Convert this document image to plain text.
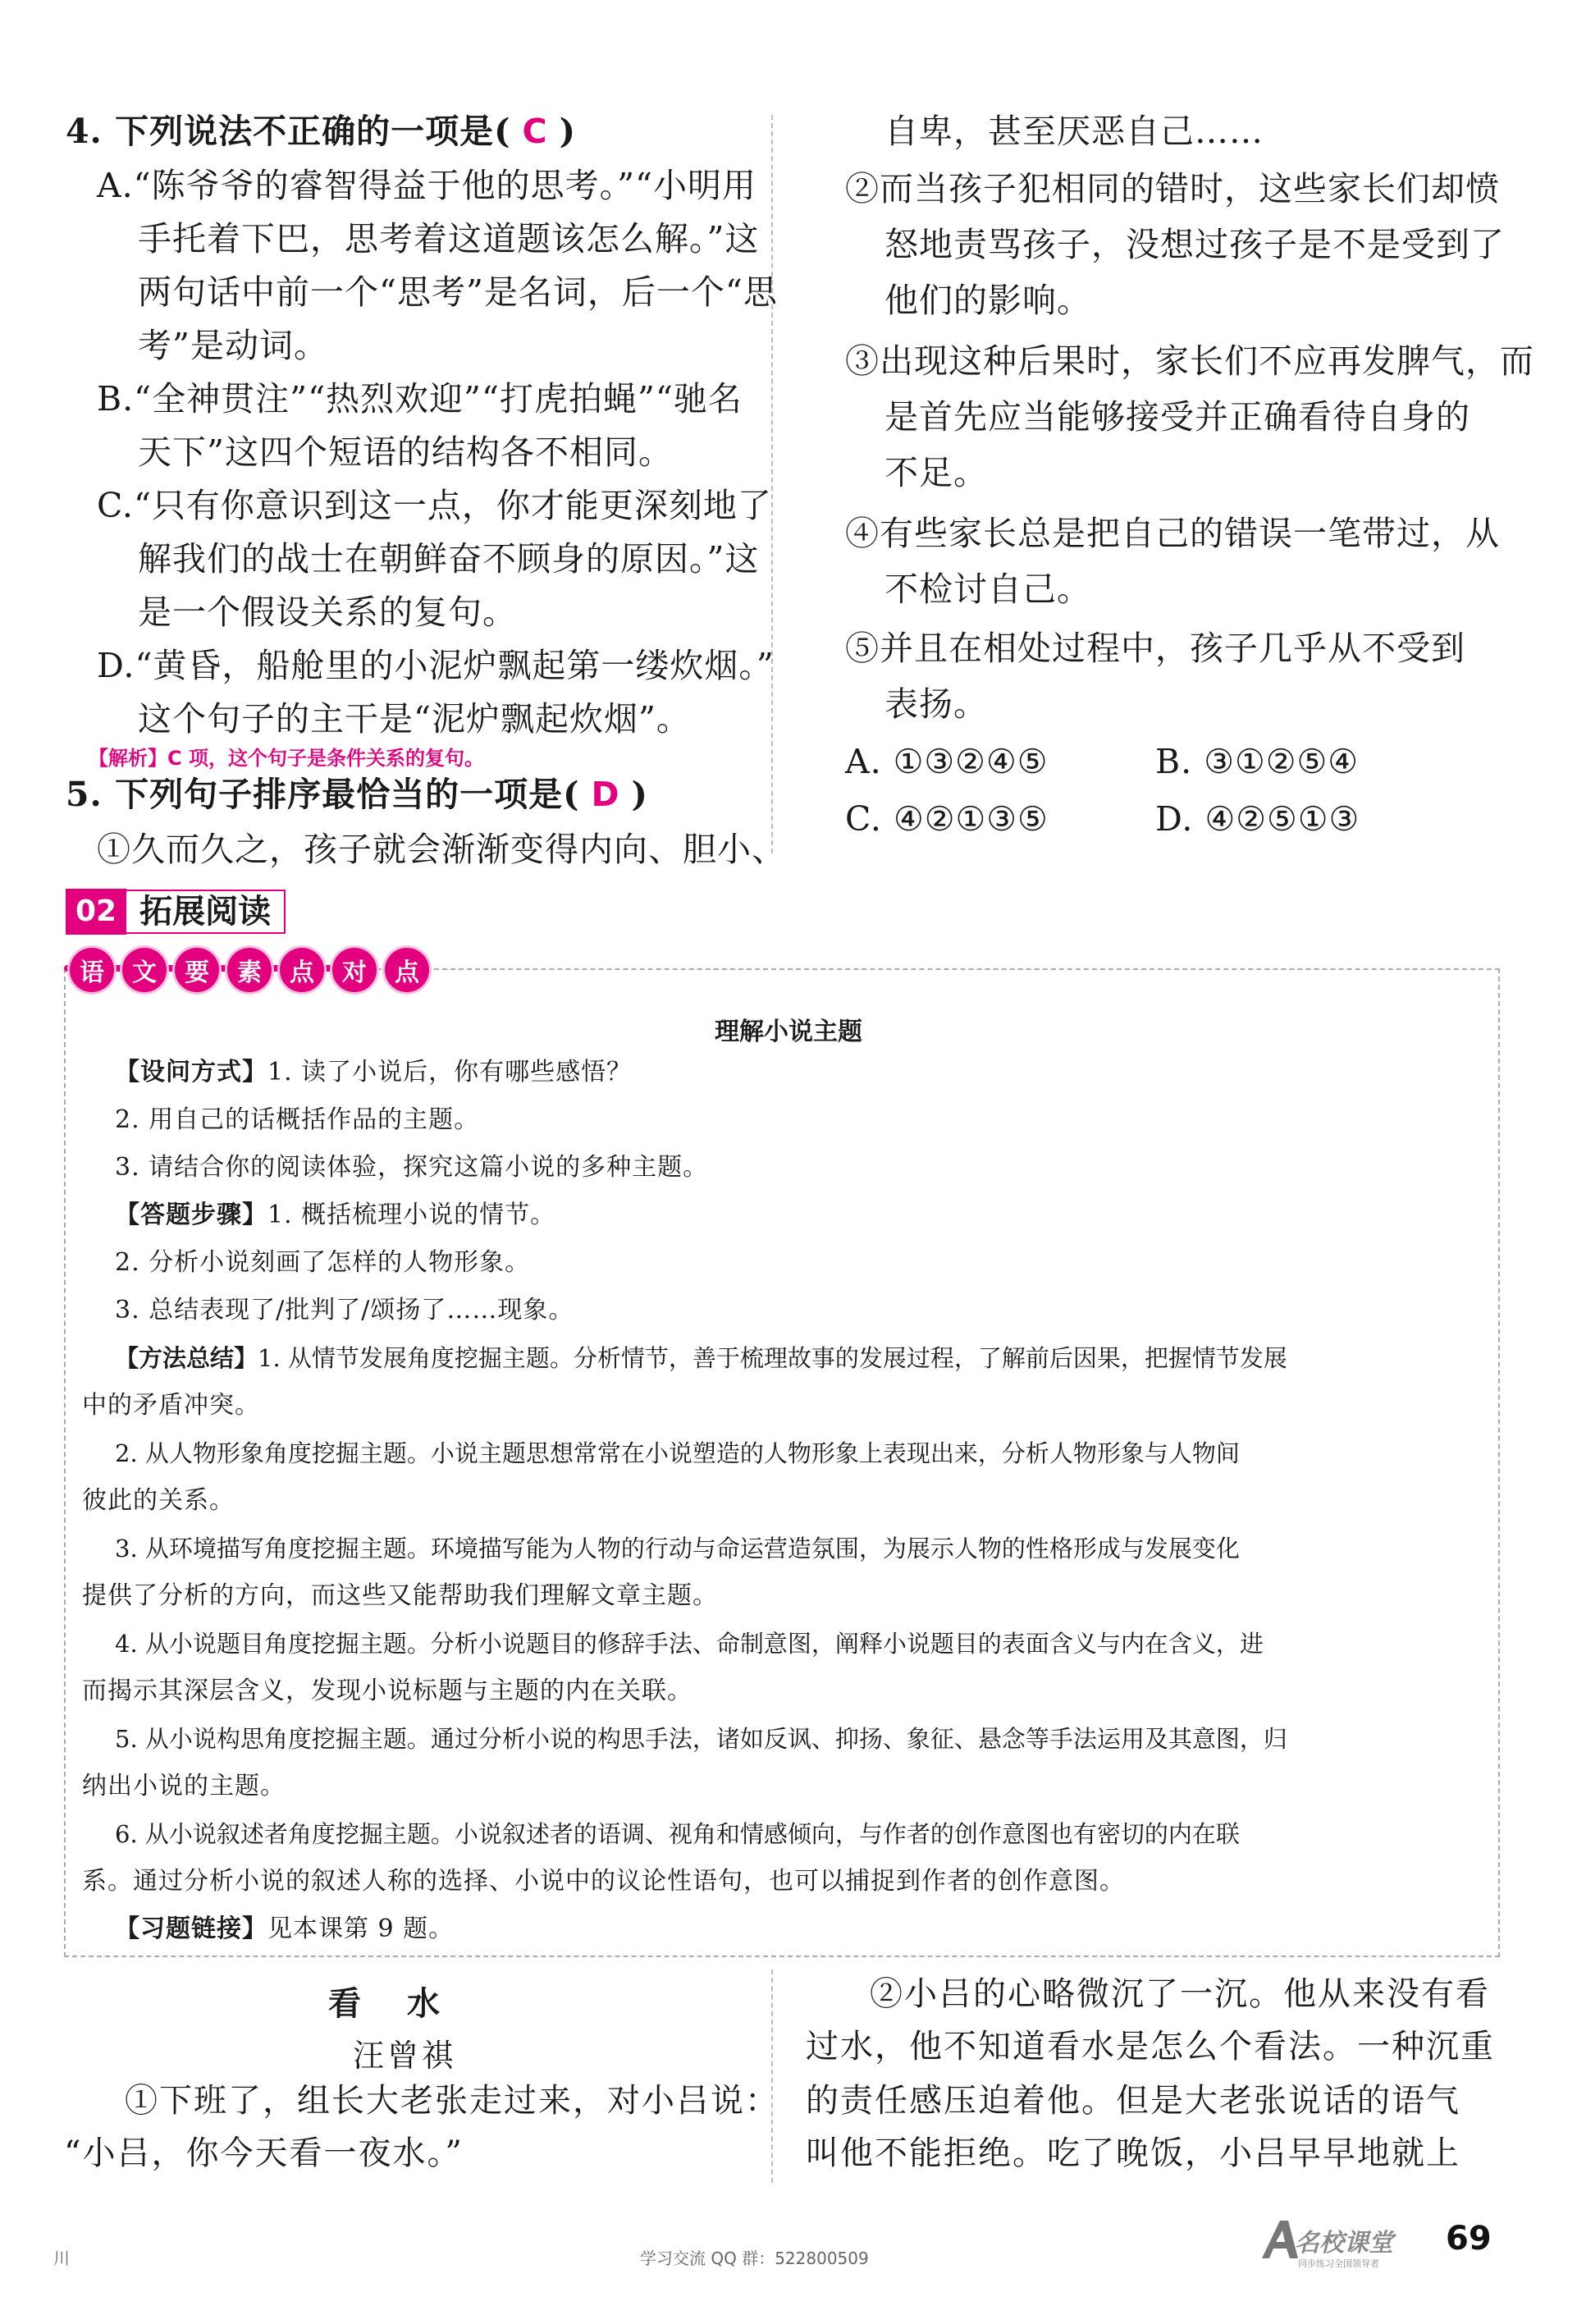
4. 下列说法不正确的一项是( C )
A.“陈爷爷的睿智得益于他的思考。”“小明用
手托着下巴，思考着这道题该怎么解。”这
两句话中前一个“思考”是名词，后一个“思
考”是动词。
B.“全神贯注”“热烈欢迎”“打虎拍蝇”“驰名
天下”这四个短语的结构各不相同。
C.“只有你意识到这一点，你才能更深刻地了
解我们的战士在朝鲜奋不顾身的原因。”这
是一个假设关系的复句。
D.“黄昏，船舱里的小泥炉飘起第一缕炊烟。”
这个句子的主干是“泥炉飘起炊烟”。
【解析】C 项，这个句子是条件关系的复句。
5. 下列句子排序最恰当的一项是( D )
①久而久之，孩子就会渐渐变得内向、胆小、
自卑，甚至厌恶自己……
②而当孩子犯相同的错时，这些家长们却愤
怒地责骂孩子，没想过孩子是不是受到了
他们的影响。
③出现这种后果时，家长们不应再发脾气，而
是首先应当能够接受并正确看待自身的
不足。
④有些家长总是把自己的错误一笔带过，从
不检讨自己。
⑤并且在相处过程中，孩子几乎从不受到
表扬。
A. ①③②④⑤	B. ③①②⑤④
C. ④②①③⑤	D. ④②⑤①③
02 拓展阅读
语	文	要	素	点	对	点
理解小说主题
【设问方式】1. 读了小说后，你有哪些感悟？
2. 用自己的话概括作品的主题。
3. 请结合你的阅读体验，探究这篇小说的多种主题。
【答题步骤】1. 概括梳理小说的情节。
2. 分析小说刻画了怎样的人物形象。
3. 总结表现了/批判了/颂扬了……现象。
【方法总结】1. 从情节发展角度挖掘主题。分析情节，善于梳理故事的发展过程，了解前后因果，把握情节发展
中的矛盾冲突。
2. 从人物形象角度挖掘主题。小说主题思想常常在小说塑造的人物形象上表现出来，分析人物形象与人物间
彼此的关系。
3. 从环境描写角度挖掘主题。环境描写能为人物的行动与命运营造氛围，为展示人物的性格形成与发展变化
提供了分析的方向，而这些又能帮助我们理解文章主题。
4. 从小说题目角度挖掘主题。分析小说题目的修辞手法、命制意图，阐释小说题目的表面含义与内在含义，进
而揭示其深层含义，发现小说标题与主题的内在关联。
5. 从小说构思角度挖掘主题。通过分析小说的构思手法，诸如反讽、抑扬、象征、悬念等手法运用及其意图，归
纳出小说的主题。
6. 从小说叙述者角度挖掘主题。小说叙述者的语调、视角和情感倾向，与作者的创作意图也有密切的内在联
系。通过分析小说的叙述人称的选择、小说中的议论性语句，也可以捕捉到作者的创作意图。
【习题链接】见本课第 9 题。
看　水
汪曾祺
①下班了，组长大老张走过来，对小吕说：
“小吕，你今天看一夜水。”
②小吕的心略微沉了一沉。他从来没有看
过水，他不知道看水是怎么个看法。一种沉重
的责任感压迫着他。但是大老张说话的语气
叫他不能拒绝。吃了晚饭，小吕早早地就上
川	学习交流 QQ 群：522800509
名校课堂
同步练习全国领导者
69
